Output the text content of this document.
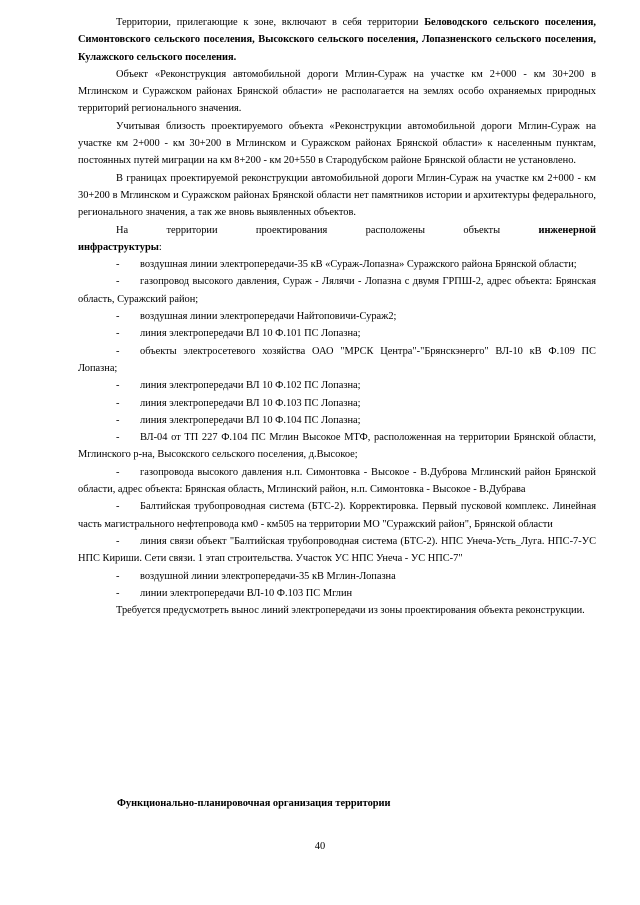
Территории, прилегающие к зоне, включают в себя территории Беловодского сельского поселения, Симонтовского сельского поселения, Высокского сельского поселения, Лопазненского сельского поселения, Кулажского сельского поселения.

Объект «Реконструкция автомобильной дороги Мглин-Сураж на участке км 2+000 - км 30+200 в Мглинском и Суражском районах Брянской области» не располагается на землях особо охраняемых природных территорий регионального значения.

Учитывая близость проектируемого объекта «Реконструкции автомобильной дороги Мглин-Сураж на участке км 2+000 - км 30+200 в Мглинском и Суражском районах Брянской области» к населенным пунктам, постоянных путей миграции на км 8+200 - км 20+550 в Стародубском районе Брянской области не установлено.

В границах проектируемой реконструкции автомобильной дороги Мглин-Сураж на участке км 2+000 - км 30+200 в Мглинском и Суражском районах Брянской области нет памятников истории и архитектуры федерального, регионального значения, а так же вновь выявленных объектов.

На территории проектирования расположены объекты	инженерной

инфраструктуры:

- воздушная линии электропередачи-35 кВ «Сураж-Лопазна» Суражского района Брянской области;

- газопровод высокого давления, Сураж - Лялячи - Лопазна с двумя ГРПШ-2, адрес объекта: Брянская область, Суражский район;

- воздушная линии электропередачи Найтоповичи-Сураж2;

- линия электропередачи ВЛ 10 Ф.101 ПС Лопазна;

- объекты электросетевого хозяйства ОАО "МРСК Центра"-"Брянскэнерго" ВЛ-10 кВ Ф.109 ПС Лопазна;

- линия электропередачи ВЛ 10 Ф.102 ПС Лопазна;

- линия электропередачи ВЛ 10 Ф.103 ПС Лопазна;

- линия электропередачи ВЛ 10 Ф.104 ПС Лопазна;

- ВЛ-04 от ТП 227 Ф.104 ПС Мглин Высокое МТФ, расположенная на территории Брянской области, Мглинского р-на, Высокского сельского поселения, д.Высокое;

- газопровода высокого давления н.п. Симонтовка - Высокое - В.Дуброва Мглинский район Брянской области, адрес объекта: Брянская область, Мглинский район, н.п. Симонтовка - Высокое - В.Дубрава

- Балтийская трубопроводная система (БТС-2). Корректировка. Первый пусковой комплекс. Линейная часть магистрального нефтепровода км0 - км505 на территории МО "Суражский район", Брянской области

- линия связи объект "Балтийская трубопроводная система (БТС-2). НПС Унеча-Усть_Луга. НПС-7-УС НПС Кириши. Сети связи. 1 этап строительства. Участок УС НПС Унеча - УС НПС-7"

- воздушной линии электропередачи-35 кВ Мглин-Лопазна

- линии электропередачи ВЛ-10 Ф.103 ПС Мглин

Требуется предусмотреть вынос линий электропередачи из зоны проектирования объекта реконструкции.

Функционально-планировочная организация территории
40
